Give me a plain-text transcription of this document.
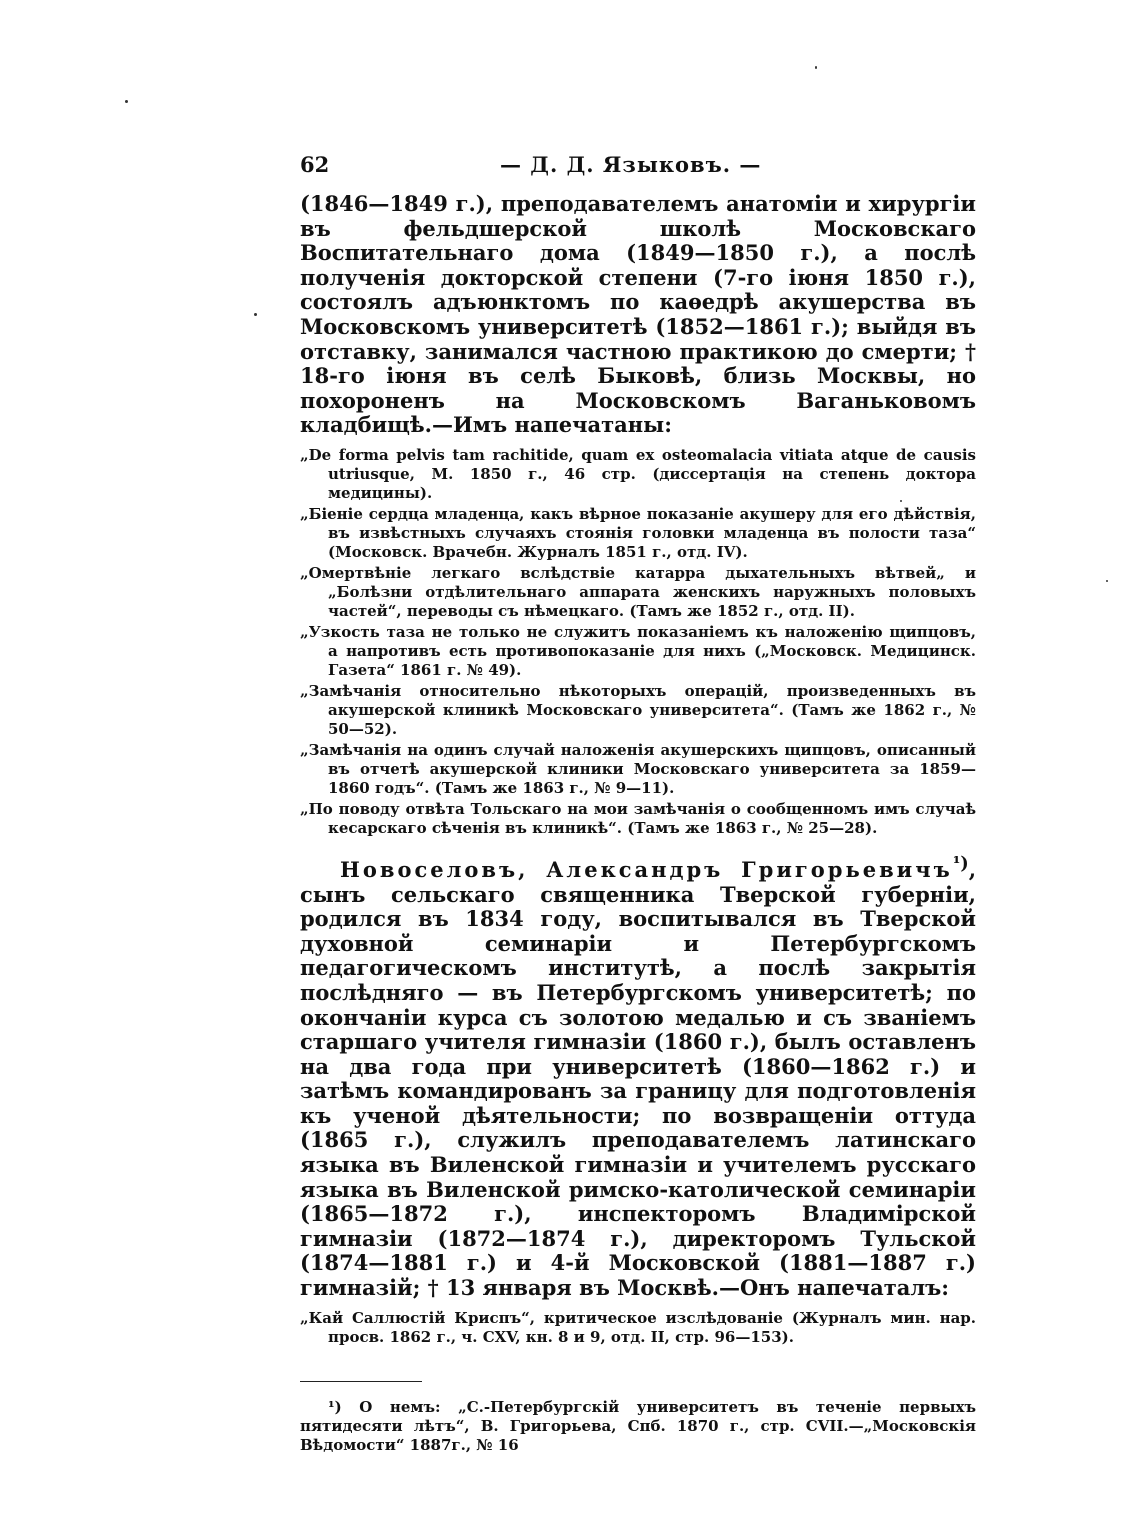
62	— Д. Д. Языковъ. —

(1846—1849 г.), преподавателемъ анатоміи и хирургіи въ фельдшерской школѣ Московскаго Воспитательнаго дома (1849—1850 г.), а послѣ полученія докторской степени (7-го іюня 1850 г.), состоялъ адъюнктомъ по каѳедрѣ акушерства въ Московскомъ университетѣ (1852—1861 г.); выйдя въ отставку, занимался частною практикою до смерти; † 18-го іюня въ селѣ Быковѣ, близь Москвы, но похороненъ на Московскомъ Ваганьковомъ кладбищѣ.—Имъ напечатаны:

„De forma pelvis tam rachitide, quam ex osteomalacia vitiata atque de causis utriusque, М. 1850 г., 46 стр. (диссертація на степень доктора медицины).
„Біеніе сердца младенца, какъ вѣрное показаніе акушеру для его дѣйствія, въ извѣстныхъ случаяхъ стоянія головки младенца въ полости таза“ (Московск. Врачебн. Журналъ 1851 г., отд. IV).
„Омертвѣніе легкаго вслѣдствіе катарра дыхательныхъ вѣтвей„ и „Болѣзни отдѣлительнаго аппарата женскихъ наружныхъ половыхъ частей“, переводы съ нѣмецкаго. (Тамъ же 1852 г., отд. II).
„Узкость таза не только не служитъ показаніемъ къ наложенію щипцовъ, а напротивъ есть противопоказаніе для нихъ („Московск. Медицинск. Газета“ 1861 г. № 49).
„Замѣчанія относительно нѣкоторыхъ операцій, произведенныхъ въ акушерской клиникѣ Московскаго университета“. (Тамъ же 1862 г., № 50—52).
„Замѣчанія на одинъ случай наложенія акушерскихъ щипцовъ, описанный въ отчетѣ акушерской клиники Московскаго университета за 1859—1860 годъ“. (Тамъ же 1863 г., № 9—11).
„По поводу отвѣта Тольскаго на мои замѣчанія о сообщенномъ имъ случаѣ кесарскаго сѣченія въ клиникѣ“. (Тамъ же 1863 г., № 25—28).

Новоселовъ, Александръ Григорьевичъ$^{^1)}$, сынъ сельскаго священника Тверской губерніи, родился въ 1834 году, воспитывался въ Тверской духовной семинаріи и Петербургскомъ педагогическомъ институтѣ, а послѣ закрытія послѣдняго — въ Петербургскомъ университетѣ; по окончаніи курса съ золотою медалью и съ званіемъ старшаго учителя гимназіи (1860 г.), былъ оставленъ на два года при университетѣ (1860—1862 г.) и затѣмъ командированъ за границу для подготовленія къ ученой дѣятельности; по возвращеніи оттуда (1865 г.), служилъ преподавателемъ латинскаго языка въ Виленской гимназіи и учителемъ русскаго языка въ Виленской римско-католической семинаріи (1865—1872 г.), инспекторомъ Владимірской гимназіи (1872—1874 г.), директоромъ Тульской (1874—1881 г.) и 4-й Московской (1881—1887 г.) гимназій; † 13 января въ Москвѣ.—Онъ напечаталъ:

„Кай Саллюстій Криспъ“, критическое изслѣдованіе (Журналъ мин. нар. просв. 1862 г., ч. CXV, кн. 8 и 9, отд. II, стр. 96—153).

¹) О немъ: „С.-Петербургскій университетъ въ теченіе первыхъ пятидесяти лѣтъ“, В. Григорьева, Спб. 1870 г., стр. CVII.—„Московскія Вѣдомости“ 1887г., № 16
